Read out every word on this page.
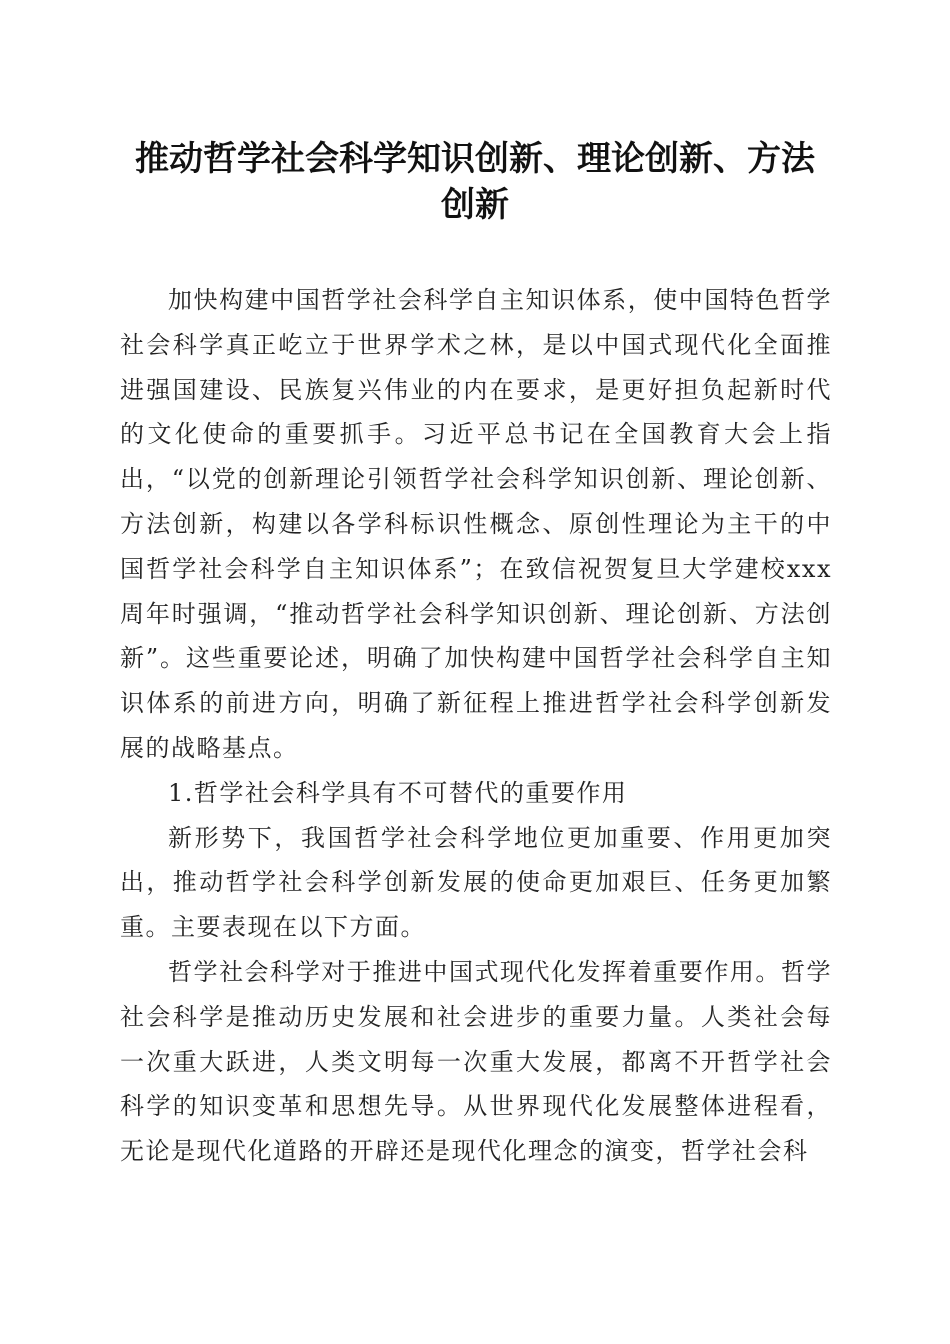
推动哲学社会科学知识创新、理论创新、方法
创新

加快构建中国哲学社会科学自主知识体系，使中国特色哲学社会科学真正屹立于世界学术之林，是以中国式现代化全面推进强国建设、民族复兴伟业的内在要求，是更好担负起新时代的文化使命的重要抓手。习近平总书记在全国教育大会上指出，“以党的创新理论引领哲学社会科学知识创新、理论创新、方法创新，构建以各学科标识性概念、原创性理论为主干的中国哲学社会科学自主知识体系”；在致信祝贺复旦大学建校xxx周年时强调，“推动哲学社会科学知识创新、理论创新、方法创新”。这些重要论述，明确了加快构建中国哲学社会科学自主知识体系的前进方向，明确了新征程上推进哲学社会科学创新发展的战略基点。

1.哲学社会科学具有不可替代的重要作用

新形势下，我国哲学社会科学地位更加重要、作用更加突出，推动哲学社会科学创新发展的使命更加艰巨、任务更加繁重。主要表现在以下方面。

哲学社会科学对于推进中国式现代化发挥着重要作用。哲学社会科学是推动历史发展和社会进步的重要力量。人类社会每一次重大跃进，人类文明每一次重大发展，都离不开哲学社会科学的知识变革和思想先导。从世界现代化发展整体进程看，无论是现代化道路的开辟还是现代化理念的演变，哲学社会科
